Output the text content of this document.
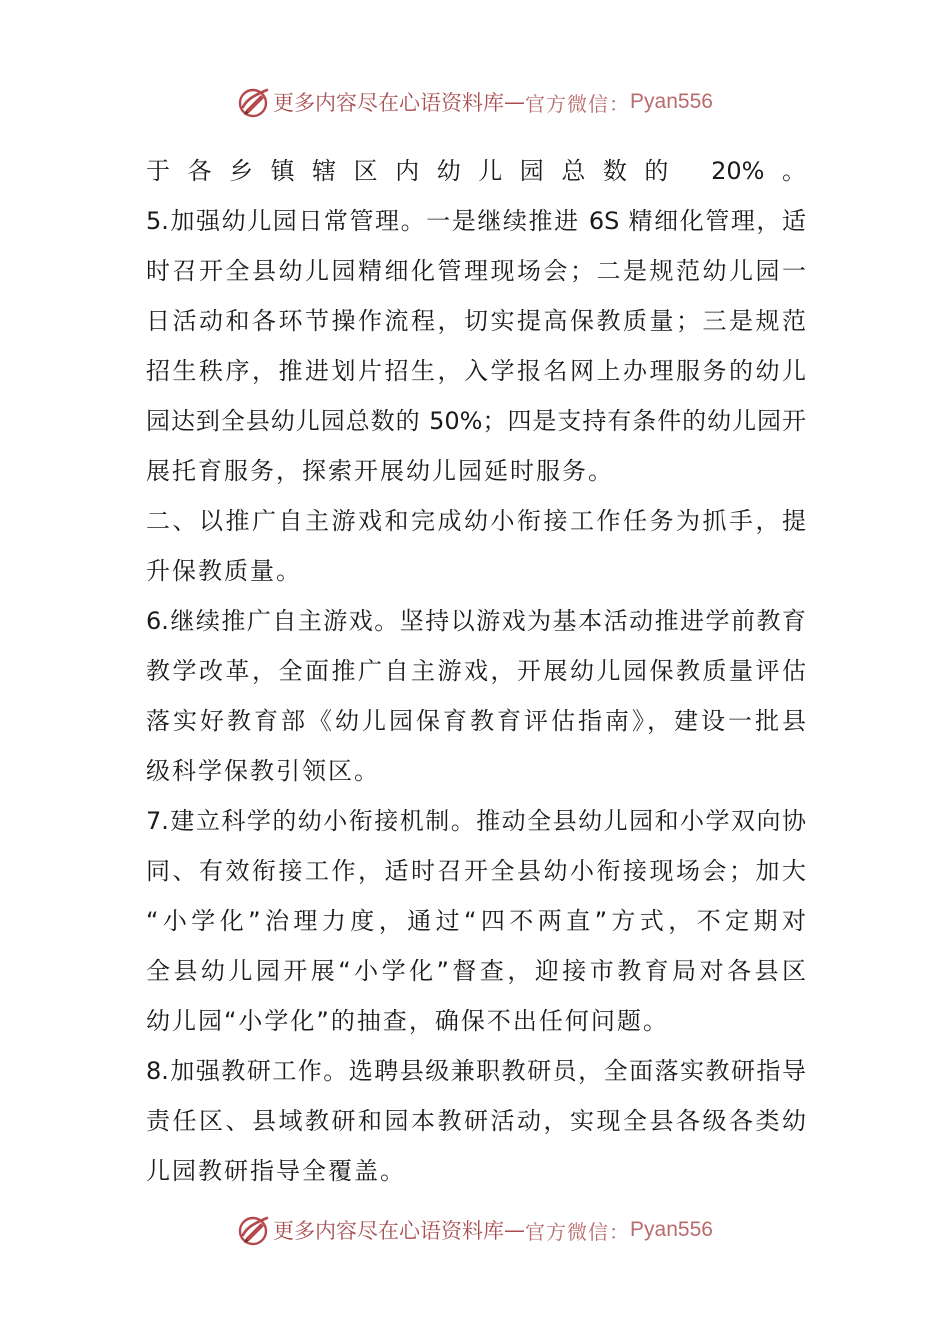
更多内容尽在心语资料库 — 官方微信： Pyan556
于各乡镇辖区内幼儿园总数的 20%。
5.加强幼儿园日常管理。一是继续推进 6S 精细化管理，适
时召开全县幼儿园精细化管理现场会；二是规范幼儿园一
日活动和各环节操作流程，切实提高保教质量；三是规范
招生秩序，推进划片招生，入学报名网上办理服务的幼儿
园达到全县幼儿园总数的 50%；四是支持有条件的幼儿园开
展托育服务，探索开展幼儿园延时服务。
二、以推广自主游戏和完成幼小衔接工作任务为抓手，提
升保教质量。
6.继续推广自主游戏。坚持以游戏为基本活动推进学前教育
教学改革，全面推广自主游戏，开展幼儿园保教质量评估
落实好教育部《幼儿园保育教育评估指南》，建设一批县
级科学保教引领区。
7.建立科学的幼小衔接机制。推动全县幼儿园和小学双向协
同、有效衔接工作，适时召开全县幼小衔接现场会；加大
“小学化”治理力度，通过“四不两直”方式，不定期对
全县幼儿园开展“小学化”督查，迎接市教育局对各县区
幼儿园“小学化”的抽查，确保不出任何问题。
8.加强教研工作。选聘县级兼职教研员，全面落实教研指导
责任区、县域教研和园本教研活动，实现全县各级各类幼
儿园教研指导全覆盖。
更多内容尽在心语资料库 — 官方微信： Pyan556
